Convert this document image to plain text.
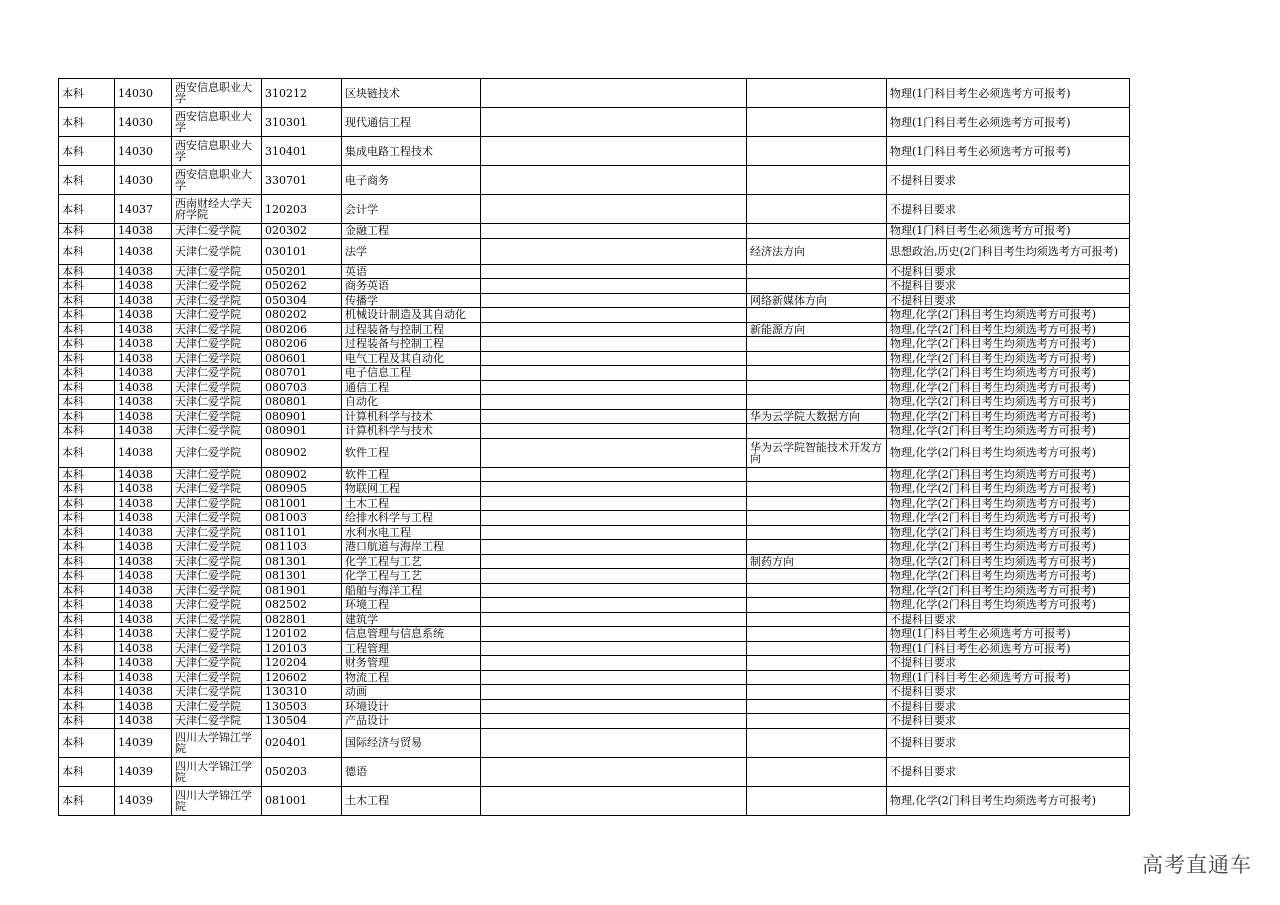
本科	14030	西安信息职业大学	310212	区块链技术			物理(1门科目考生必须选考方可报考)
本科	14030	西安信息职业大学	310301	现代通信工程			物理(1门科目考生必须选考方可报考)
本科	14030	西安信息职业大学	310401	集成电路工程技术			物理(1门科目考生必须选考方可报考)
本科	14030	西安信息职业大学	330701	电子商务			不提科目要求
本科	14037	西南财经大学天府学院	120203	会计学			不提科目要求
本科	14038	天津仁爱学院	020302	金融工程			物理(1门科目考生必须选考方可报考)
本科	14038	天津仁爱学院	030101	法学		经济法方向	思想政治,历史(2门科目考生均须选考方可报考)
本科	14038	天津仁爱学院	050201	英语			不提科目要求
本科	14038	天津仁爱学院	050262	商务英语			不提科目要求
本科	14038	天津仁爱学院	050304	传播学		网络新媒体方向	不提科目要求
本科	14038	天津仁爱学院	080202	机械设计制造及其自动化			物理,化学(2门科目考生均须选考方可报考)
本科	14038	天津仁爱学院	080206	过程装备与控制工程		新能源方向	物理,化学(2门科目考生均须选考方可报考)
本科	14038	天津仁爱学院	080206	过程装备与控制工程			物理,化学(2门科目考生均须选考方可报考)
本科	14038	天津仁爱学院	080601	电气工程及其自动化			物理,化学(2门科目考生均须选考方可报考)
本科	14038	天津仁爱学院	080701	电子信息工程			物理,化学(2门科目考生均须选考方可报考)
本科	14038	天津仁爱学院	080703	通信工程			物理,化学(2门科目考生均须选考方可报考)
本科	14038	天津仁爱学院	080801	自动化			物理,化学(2门科目考生均须选考方可报考)
本科	14038	天津仁爱学院	080901	计算机科学与技术		华为云学院大数据方向	物理,化学(2门科目考生均须选考方可报考)
本科	14038	天津仁爱学院	080901	计算机科学与技术			物理,化学(2门科目考生均须选考方可报考)
本科	14038	天津仁爱学院	080902	软件工程		华为云学院智能技术开发方向	物理,化学(2门科目考生均须选考方可报考)
本科	14038	天津仁爱学院	080902	软件工程			物理,化学(2门科目考生均须选考方可报考)
本科	14038	天津仁爱学院	080905	物联网工程			物理,化学(2门科目考生均须选考方可报考)
本科	14038	天津仁爱学院	081001	土木工程			物理,化学(2门科目考生均须选考方可报考)
本科	14038	天津仁爱学院	081003	给排水科学与工程			物理,化学(2门科目考生均须选考方可报考)
本科	14038	天津仁爱学院	081101	水利水电工程			物理,化学(2门科目考生均须选考方可报考)
本科	14038	天津仁爱学院	081103	港口航道与海岸工程			物理,化学(2门科目考生均须选考方可报考)
本科	14038	天津仁爱学院	081301	化学工程与工艺		制药方向	物理,化学(2门科目考生均须选考方可报考)
本科	14038	天津仁爱学院	081301	化学工程与工艺			物理,化学(2门科目考生均须选考方可报考)
本科	14038	天津仁爱学院	081901	船舶与海洋工程			物理,化学(2门科目考生均须选考方可报考)
本科	14038	天津仁爱学院	082502	环境工程			物理,化学(2门科目考生均须选考方可报考)
本科	14038	天津仁爱学院	082801	建筑学			不提科目要求
本科	14038	天津仁爱学院	120102	信息管理与信息系统			物理(1门科目考生必须选考方可报考)
本科	14038	天津仁爱学院	120103	工程管理			物理(1门科目考生必须选考方可报考)
本科	14038	天津仁爱学院	120204	财务管理			不提科目要求
本科	14038	天津仁爱学院	120602	物流工程			物理(1门科目考生必须选考方可报考)
本科	14038	天津仁爱学院	130310	动画			不提科目要求
本科	14038	天津仁爱学院	130503	环境设计			不提科目要求
本科	14038	天津仁爱学院	130504	产品设计			不提科目要求
本科	14039	四川大学锦江学院	020401	国际经济与贸易			不提科目要求
本科	14039	四川大学锦江学院	050203	德语			不提科目要求
本科	14039	四川大学锦江学院	081001	土木工程			物理,化学(2门科目考生均须选考方可报考)
高考直通车
